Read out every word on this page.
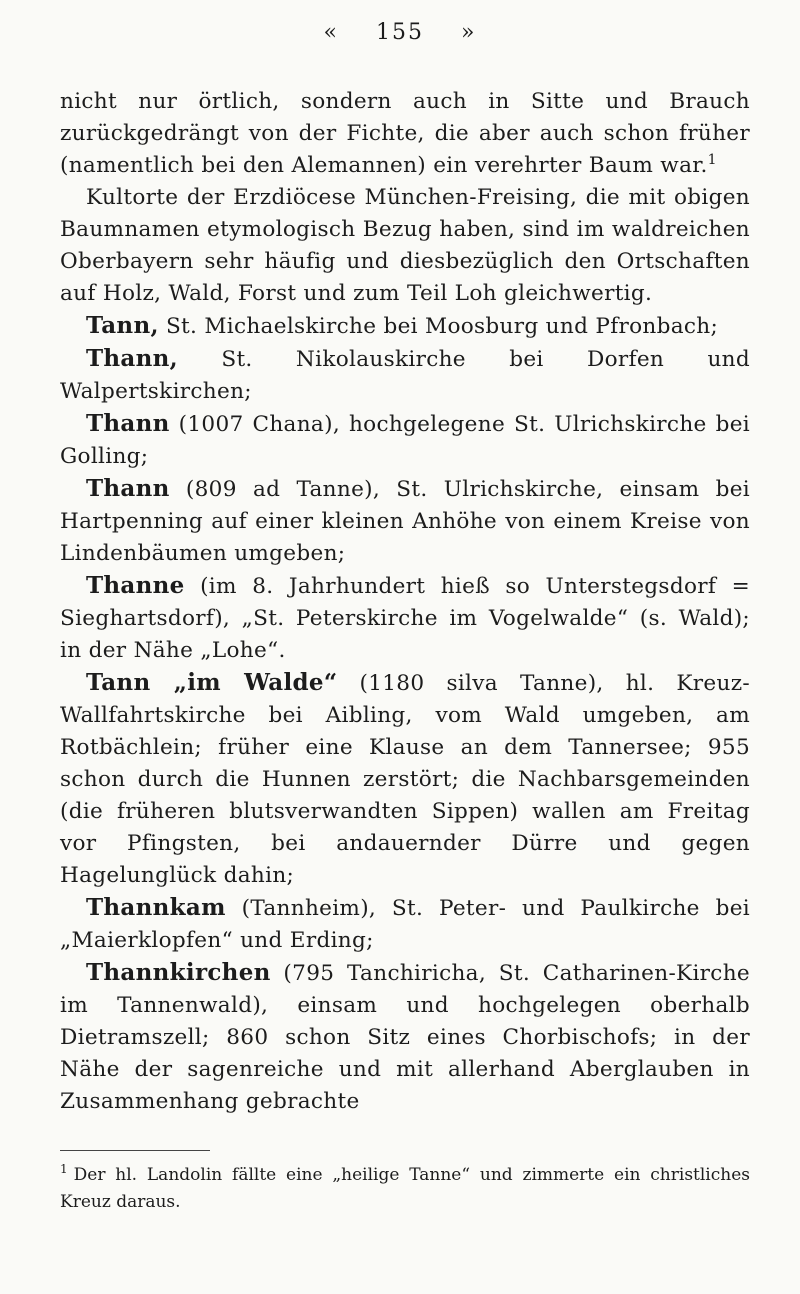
« 155 »

nicht nur örtlich, sondern auch in Sitte und Brauch zurückgedrängt von der Fichte, die aber auch schon früher (namentlich bei den Alemannen) ein verehrter Baum war.$^1$

Kultorte der Erzdiöcese München-Freising, die mit obigen Baumnamen etymologisch Bezug haben, sind im waldreichen Oberbayern sehr häufig und diesbezüglich den Ortschaften auf Holz, Wald, Forst und zum Teil Loh gleichwertig.

Tann, St. Michaelskirche bei Moosburg und Pfronbach;

Thann, St. Nikolauskirche bei Dorfen und Walpertskirchen;

Thann (1007 Chana), hochgelegene St. Ulrichskirche bei Golling;

Thann (809 ad Tanne), St. Ulrichskirche, einsam bei Hartpenning auf einer kleinen Anhöhe von einem Kreise von Lindenbäumen umgeben;

Thanne (im 8. Jahrhundert hieß so Unterstegsdorf = Sieghartsdorf), „St. Peterskirche im Vogelwalde“ (s. Wald); in der Nähe „Lohe“.

Tann „im Walde“ (1180 silva Tanne), hl. Kreuz-Wallfahrtskirche bei Aibling, vom Wald umgeben, am Rotbächlein; früher eine Klause an dem Tannersee; 955 schon durch die Hunnen zerstört; die Nachbarsgemeinden (die früheren blutsverwandten Sippen) wallen am Freitag vor Pfingsten, bei andauernder Dürre und gegen Hagelunglück dahin;

Thannkam (Tannheim), St. Peter- und Paulkirche bei „Maierklopfen“ und Erding;

Thannkirchen (795 Tanchiricha, St. Catharinen-Kirche im Tannenwald), einsam und hochgelegen oberhalb Dietramszell; 860 schon Sitz eines Chorbischofs; in der Nähe der sagenreiche und mit allerhand Aberglauben in Zusammenhang gebrachte

$^1$ Der hl. Landolin fällte eine „heilige Tanne“ und zimmerte ein christliches Kreuz daraus.
